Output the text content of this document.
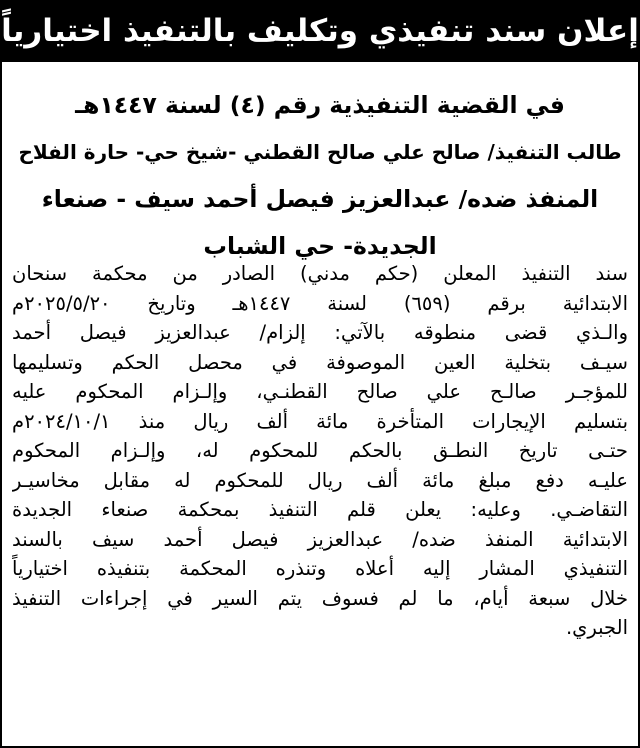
إعلان سند تنفيذي وتكليف بالتنفيذ اختيارياً
في القضية التنفيذية رقم (٤) لسنة ١٤٤٧هـ
طالب التنفيذ/ صالح علي صالح القطني -شيخ حي- حارة الفلاح
المنفذ ضده/ عبدالعزيز فيصل أحمد سيف - صنعاء
الجديدة- حي الشباب
سند التنفيذ المعلن (حكم مدني) الصادر من محكمة سنحان
الابتدائية برقم (٦٥٩) لسنة ١٤٤٧هـ وتاريخ ٢٠٢٥/٥/٢٠م
والـذي قضى منطوقه بالآتي: إلزام/ عبدالعزيز فيصل أحمد
سيـف بتخلية العين الموصوفة في محصل الحكم وتسليمها
للمؤجـر صالـح علي صالح القطنـي، وإلـزام المحكوم عليه
بتسليم الإيجارات المتأخرة مائة ألف ريال منذ ٢٠٢٤/١٠/١م
حتـى تاريخ النطـق بالحكم للمحكوم له، وإلـزام المحكوم
عليـه دفع مبلغ مائة ألف ريال للمحكوم له مقابل مخاسيـر
التقاضـي. وعليه: يعلن قلم التنفيذ بمحكمة صنعاء الجديدة
الابتدائية المنفذ ضده/ عبدالعزيز فيصل أحمد سيف بالسند
التنفيذي المشار إليه أعلاه وتنذره المحكمة بتنفيذه اختيارياً
خلال سبعة أيام، ما لم فسوف يتم السير في إجراءات التنفيذ
الجبري.
